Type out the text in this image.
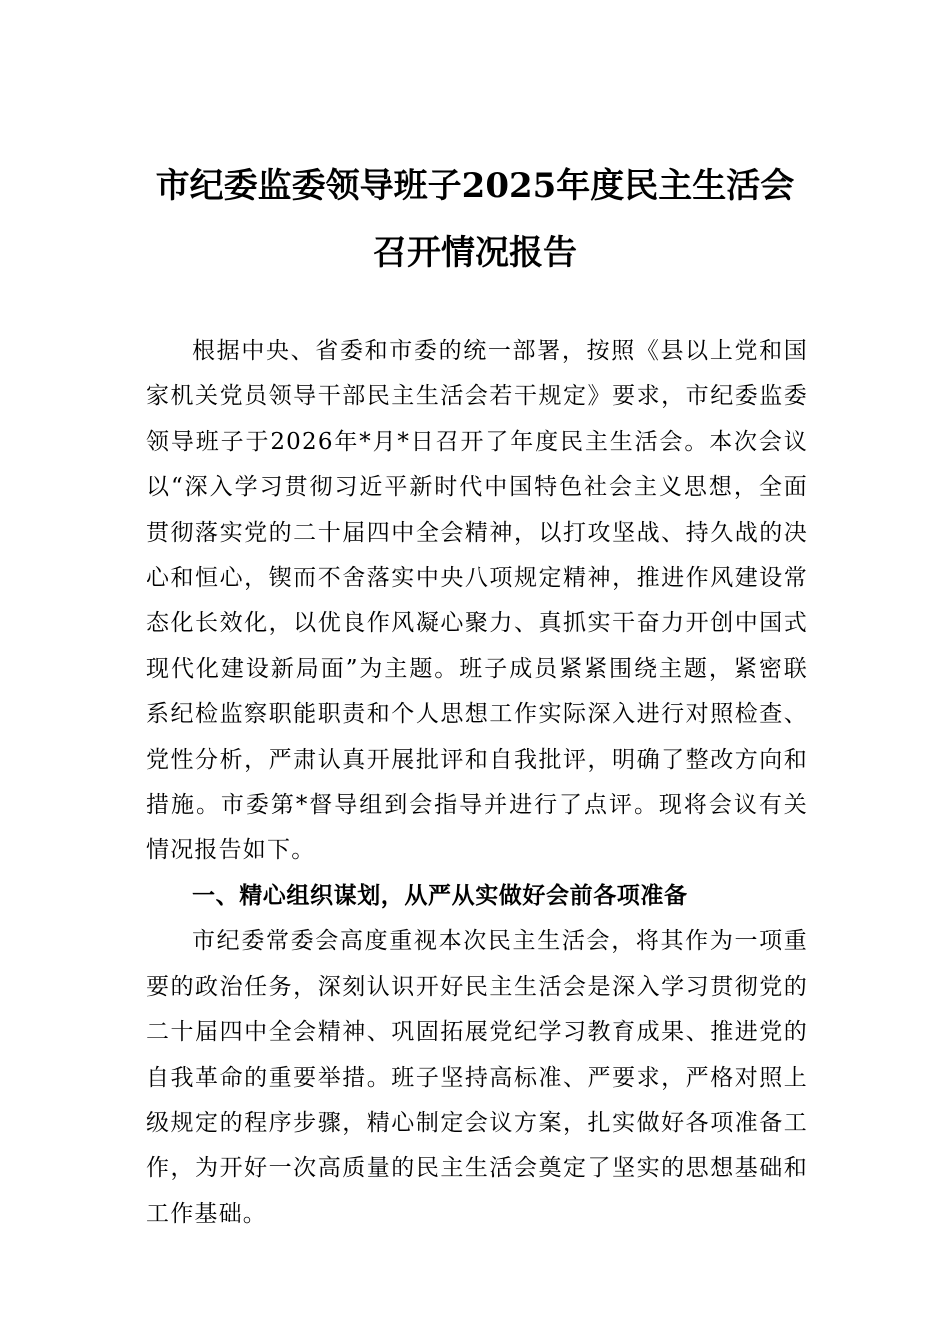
市纪委监委领导班子2025年度民主生活会
召开情况报告

根据中央、省委和市委的统一部署，按照《县以上党和国家机关党员领导干部民主生活会若干规定》要求，市纪委监委领导班子于2026年*月*日召开了年度民主生活会。本次会议以“深入学习贯彻习近平新时代中国特色社会主义思想，全面贯彻落实党的二十届四中全会精神，以打攻坚战、持久战的决心和恒心，锲而不舍落实中央八项规定精神，推进作风建设常态化长效化，以优良作风凝心聚力、真抓实干奋力开创中国式现代化建设新局面”为主题。班子成员紧紧围绕主题，紧密联系纪检监察职能职责和个人思想工作实际深入进行对照检查、党性分析，严肃认真开展批评和自我批评，明确了整改方向和措施。市委第*督导组到会指导并进行了点评。现将会议有关情况报告如下。

一、精心组织谋划，从严从实做好会前各项准备

市纪委常委会高度重视本次民主生活会，将其作为一项重要的政治任务，深刻认识开好民主生活会是深入学习贯彻党的二十届四中全会精神、巩固拓展党纪学习教育成果、推进党的自我革命的重要举措。班子坚持高标准、严要求，严格对照上级规定的程序步骤，精心制定会议方案，扎实做好各项准备工作，为开好一次高质量的民主生活会奠定了坚实的思想基础和工作基础。
